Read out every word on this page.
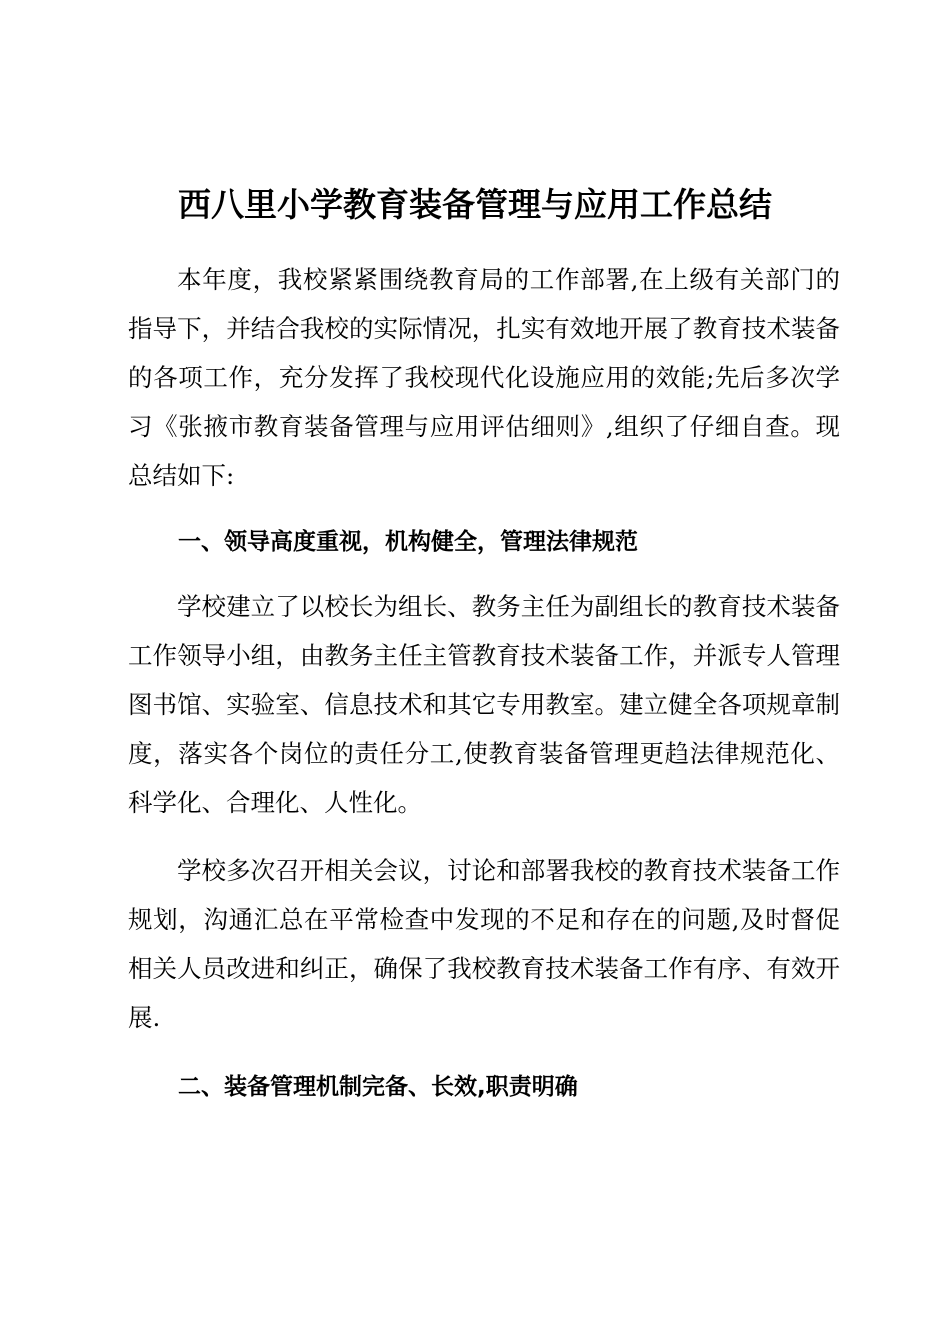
西八里小学教育装备管理与应用工作总结

本年度，我校紧紧围绕教育局的工作部署,在上级有关部门的指导下，并结合我校的实际情况，扎实有效地开展了教育技术装备的各项工作，充分发挥了我校现代化设施应用的效能;先后多次学习《张掖市教育装备管理与应用评估细则》,组织了仔细自查。现总结如下:

一、领导高度重视，机构健全，管理法律规范

学校建立了以校长为组长、教务主任为副组长的教育技术装备工作领导小组，由教务主任主管教育技术装备工作，并派专人管理图书馆、实验室、信息技术和其它专用教室。建立健全各项规章制度，落实各个岗位的责任分工,使教育装备管理更趋法律规范化、科学化、合理化、人性化。

学校多次召开相关会议，讨论和部署我校的教育技术装备工作规划，沟通汇总在平常检查中发现的不足和存在的问题,及时督促相关人员改进和纠正，确保了我校教育技术装备工作有序、有效开展.

二、装备管理机制完备、长效,职责明确
